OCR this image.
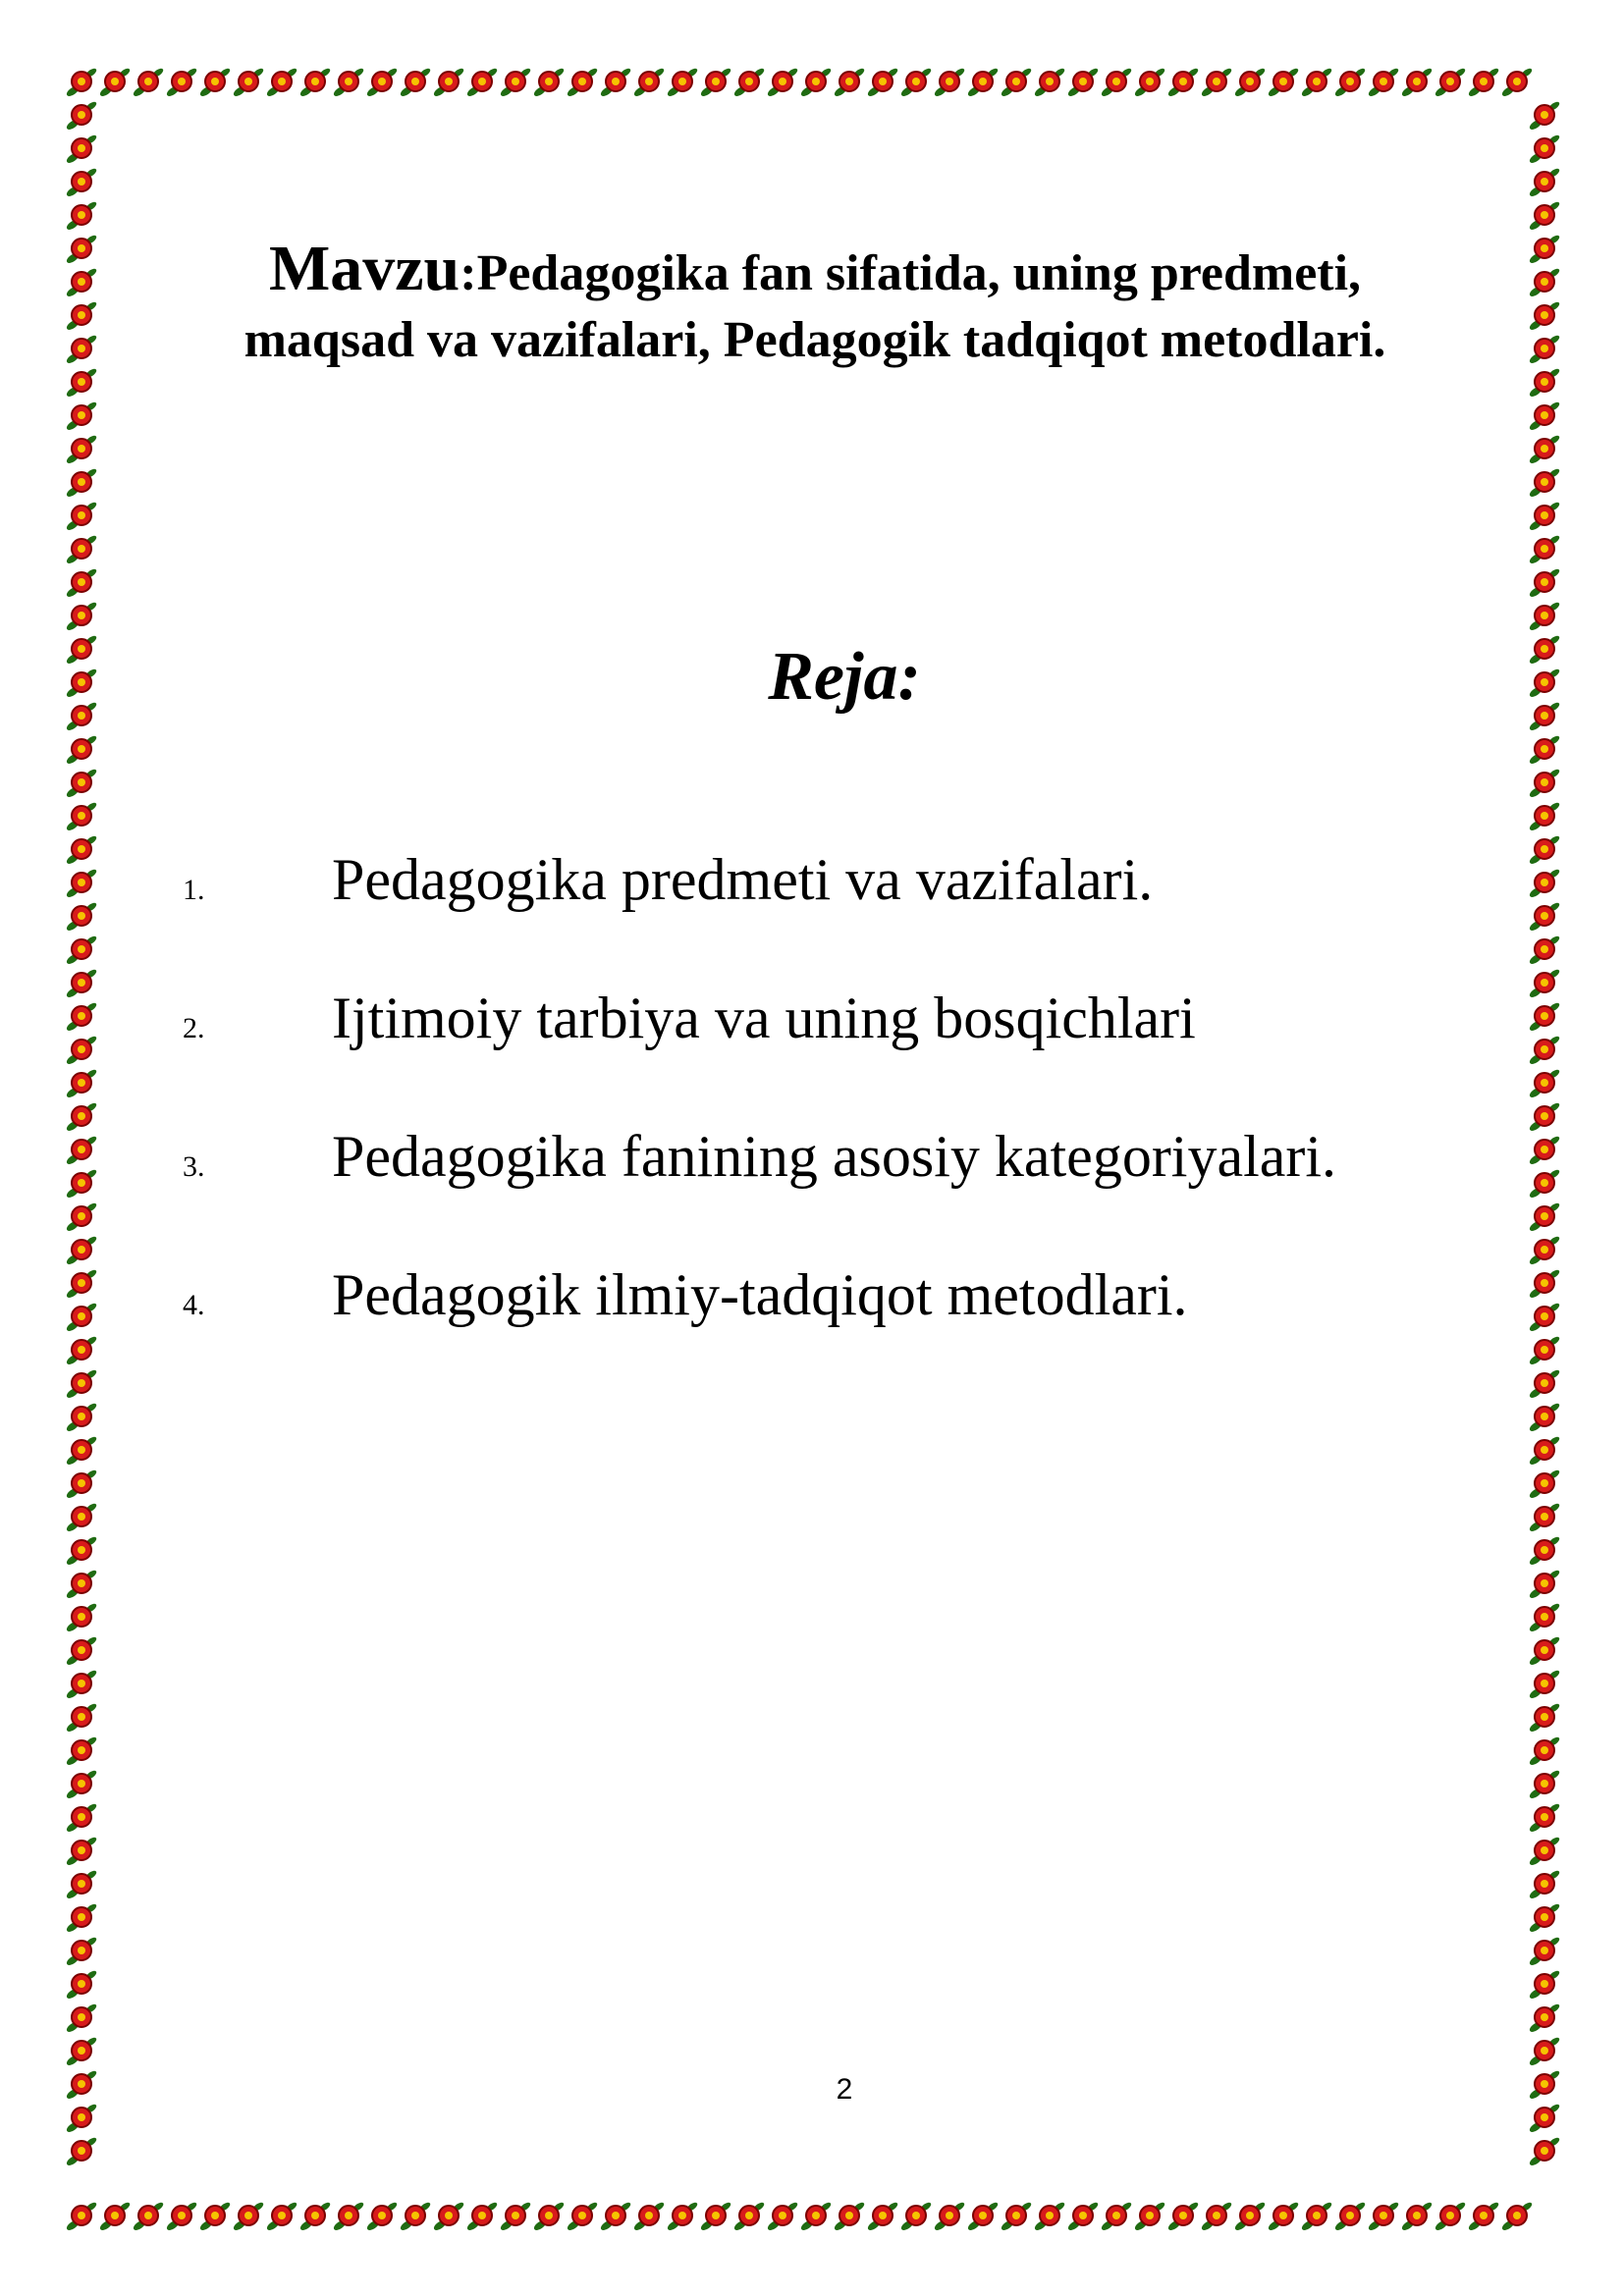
Mavzu:Pedagogika fan sifatida, uning predmeti, maqsad va vazifalari, Pedagogik tadqiqot metodlari.
Reja:
1. Pedagogika predmeti va vazifalari.
2. Ijtimoiy tarbiya va uning bosqichlari
3. Pedagogika fanining asosiy kategoriyalari.
4. Pedagogik ilmiy-tadqiqot metodlari.
2
